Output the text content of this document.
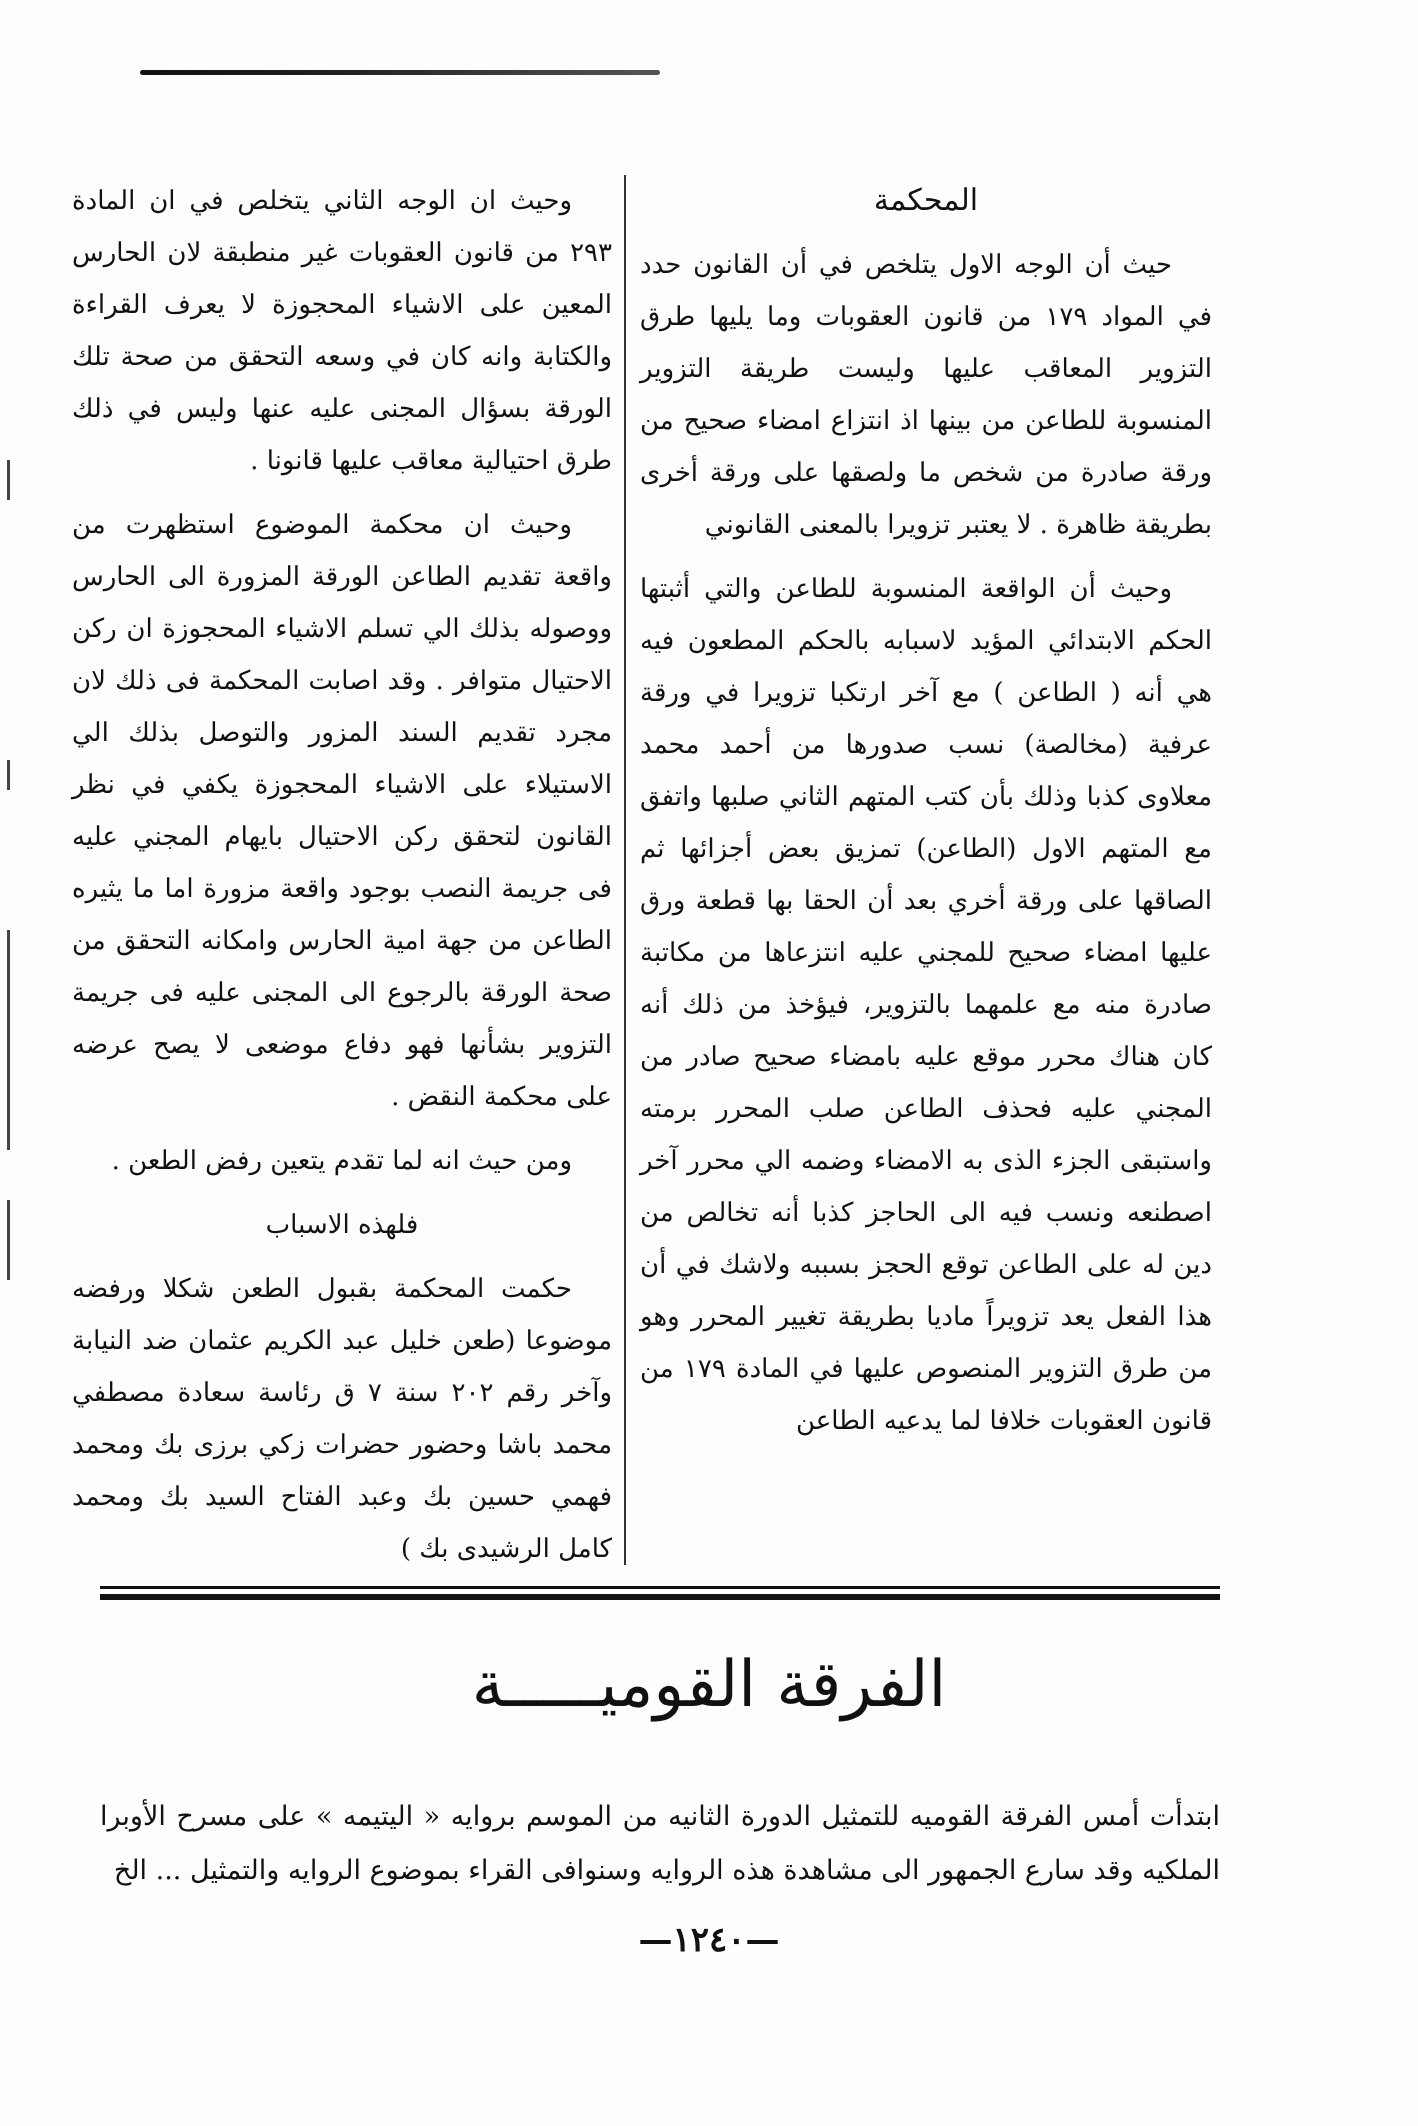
المحكمة

حيث أن الوجه الاول يتلخص في أن القانون حدد في المواد ١٧٩ من قانون العقوبات وما يليها طرق التزوير المعاقب عليها وليست طريقة التزوير المنسوبة للطاعن من بينها اذ انتزاع امضاء صحيح من ورقة صادرة من شخص ما ولصقها على ورقة أخرى بطريقة ظاهرة . لا يعتبر تزويرا بالمعنى القانوني

وحيث أن الواقعة المنسوبة للطاعن والتي أثبتها الحكم الابتدائي المؤيد لاسبابه بالحكم المطعون فيه هي أنه ( الطاعن ) مع آخر ارتكبا تزويرا في ورقة عرفية (مخالصة) نسب صدورها من أحمد محمد معلاوى كذبا وذلك بأن كتب المتهم الثاني صلبها واتفق مع المتهم الاول (الطاعن) تمزيق بعض أجزائها ثم الصاقها على ورقة أخري بعد أن الحقا بها قطعة ورق عليها امضاء صحيح للمجني عليه انتزعاها من مكاتبة صادرة منه مع علمهما بالتزوير، فيؤخذ من ذلك أنه كان هناك محرر موقع عليه بامضاء صحيح صادر من المجني عليه فحذف الطاعن صلب المحرر برمته واستبقى الجزء الذى به الامضاء وضمه الي محرر آخر اصطنعه ونسب فيه الى الحاجز كذبا أنه تخالص من دين له على الطاعن توقع الحجز بسببه ولاشك في أن هذا الفعل يعد تزويراً ماديا بطريقة تغيير المحرر وهو من طرق التزوير المنصوص عليها في المادة ١٧٩ من قانون العقوبات خلافا لما يدعيه الطاعن

وحيث ان الوجه الثاني يتخلص في ان المادة ٢٩٣ من قانون العقوبات غير منطبقة لان الحارس المعين على الاشياء المحجوزة لا يعرف القراءة والكتابة وانه كان في وسعه التحقق من صحة تلك الورقة بسؤال المجنى عليه عنها وليس في ذلك طرق احتيالية معاقب عليها قانونا .

وحيث ان محكمة الموضوع استظهرت من واقعة تقديم الطاعن الورقة المزورة الى الحارس ووصوله بذلك الي تسلم الاشياء المحجوزة ان ركن الاحتيال متوافر . وقد اصابت المحكمة فى ذلك لان مجرد تقديم السند المزور والتوصل بذلك الي الاستيلاء على الاشياء المحجوزة يكفي في نظر القانون لتحقق ركن الاحتيال بايهام المجني عليه فى جريمة النصب بوجود واقعة مزورة اما ما يثيره الطاعن من جهة امية الحارس وامكانه التحقق من صحة الورقة بالرجوع الى المجنى عليه فى جريمة التزوير بشأنها فهو دفاع موضعى لا يصح عرضه على محكمة النقض .

ومن حيث انه لما تقدم يتعين رفض الطعن .

فلهذه الاسباب

حكمت المحكمة بقبول الطعن شكلا ورفضه موضوعا (طعن خليل عبد الكريم عثمان ضد النيابة وآخر رقم ٢٠٢ سنة ٧ ق رئاسة سعادة مصطفي محمد باشا وحضور حضرات زكي برزى بك ومحمد فهمي حسين بك وعبد الفتاح السيد بك ومحمد كامل الرشيدى بك )

الفرقة القوميـــــة
ابتدأت أمس الفرقة القوميه للتمثيل الدورة الثانيه من الموسم بروايه « اليتيمه » على مسرح الأوبرا الملكيه وقد سارع الجمهور الى مشاهدة هذه الروايه وسنوافى القراء بموضوع الروايه والتمثيل ... الخ
—١٢٤٠—
